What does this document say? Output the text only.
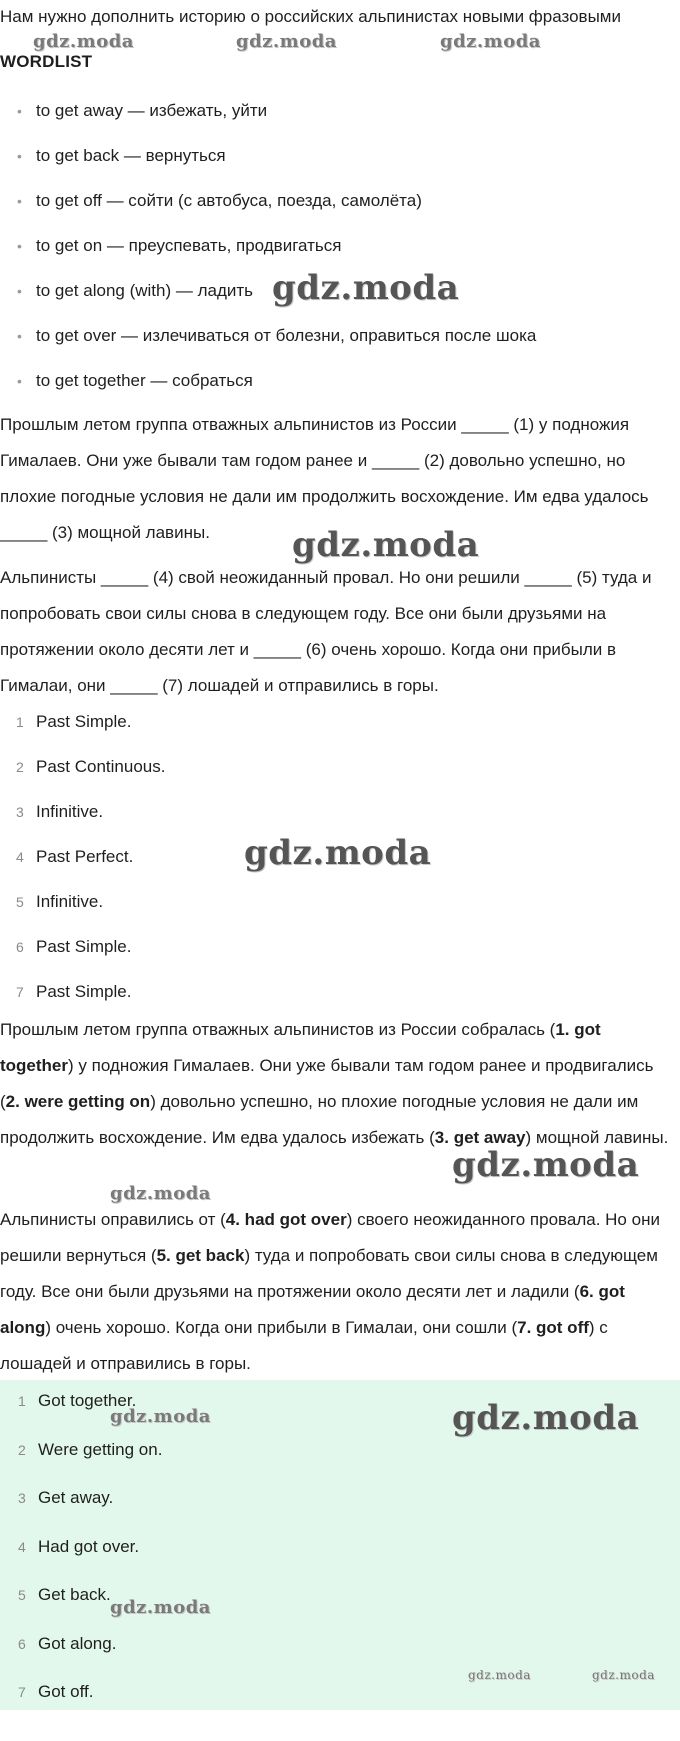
Нам нужно дополнить историю о российских альпинистах новыми фразовыми
WORDLIST
• to get away — избежать, уйти
• to get back — вернуться
• to get off — сойти (с автобуса, поезда, самолёта)
• to get on — преуспевать, продвигаться
• to get along (with) — ладить
• to get over — излечиваться от болезни, оправиться после шока
• to get together — собраться

Прошлым летом группа отважных альпинистов из России _____ (1) у подножия Гималаев. Они уже бывали там годом ранее и _____ (2) довольно успешно, но плохие погодные условия не дали им продолжить восхождение. Им едва удалось _____ (3) мощной лавины.

Альпинисты _____ (4) свой неожиданный провал. Но они решили _____ (5) туда и попробовать свои силы снова в следующем году. Все они были друзьями на протяжении около десяти лет и _____ (6) очень хорошо. Когда они прибыли в Гималаи, они _____ (7) лошадей и отправились в горы.

1 Past Simple.
2 Past Continuous.
3 Infinitive.
4 Past Perfect.
5 Infinitive.
6 Past Simple.
7 Past Simple.

Прошлым летом группа отважных альпинистов из России собралась (1. got together) у подножия Гималаев. Они уже бывали там годом ранее и продвигались (2. were getting on) довольно успешно, но плохие погодные условия не дали им продолжить восхождение. Им едва удалось избежать (3. get away) мощной лавины.

Альпинисты оправились от (4. had got over) своего неожиданного провала. Но они решили вернуться (5. get back) туда и попробовать свои силы снова в следующем году. Все они были друзьями на протяжении около десяти лет и ладили (6. got along) очень хорошо. Когда они прибыли в Гималаи, они сошли (7. got off) с лошадей и отправились в горы.

1 Got together.
2 Were getting on.
3 Get away.
4 Had got over.
5 Get back.
6 Got along.
7 Got off.
gdz.moda	gdz.moda	gdz.moda
gdz.moda
gdz.moda
gdz.moda
gdz.moda
gdz.moda
gdz.moda	gdz.moda
gdz.moda
gdz.moda	gdz.moda
